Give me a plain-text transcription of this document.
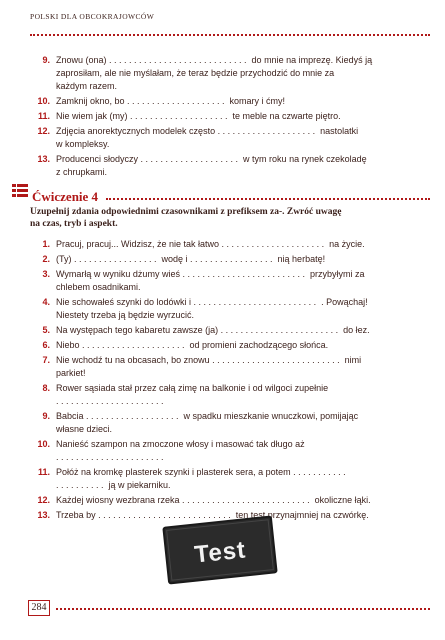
POLSKI DLA OBCOKRAJOWCÓW
9. Znowu (ona) . . . . . . . . . . . . . . . . . . . . . . . . . . . .  do mnie na imprezę. Kiedyś ją
zaprosiłam, ale nie myślałam, że teraz będzie przychodzić do mnie za
każdym razem.
10. Zamknij okno, bo . . . . . . . . . . . . . . . . . . . .  komary i ćmy!
11. Nie wiem jak (my) . . . . . . . . . . . . . . . . . . . .  te meble na czwarte piętro.
12. Zdjęcia anorektycznych modelek często . . . . . . . . . . . . . . . . . . . .  nastolatki
w kompleksy.
13. Producenci słodyczy . . . . . . . . . . . . . . . . . . . .  w tym roku na rynek czekoladę
z chrupkami.
Ćwiczenie 4
Uzupełnij zdania odpowiednimi czasownikami z prefiksem za-. Zwróć uwagę
na czas, tryb i aspekt.
1. Pracuj, pracuj... Widzisz, że nie tak łatwo . . . . . . . . . . . . . . . . . . . . .  na życie.
2. (Ty) . . . . . . . . . . . . . . . . .  wodę i . . . . . . . . . . . . . . . . .  nią herbatę!
3. Wymarłą w wyniku dżumy wieś . . . . . . . . . . . . . . . . . . . . . . . . .  przybyłymi za
chlebem osadnikami.
4. Nie schowałeś szynki do lodówki i . . . . . . . . . . . . . . . . . . . . . . . . .  . Powąchaj!
Niestety trzeba ją będzie wyrzucić.
5. Na występach tego kabaretu zawsze (ja) . . . . . . . . . . . . . . . . . . . . . . . .  do łez.
6. Niebo . . . . . . . . . . . . . . . . . . . . .  od promieni zachodzącego słońca.
7. Nie wchodź tu na obcasach, bo znowu . . . . . . . . . . . . . . . . . . . . . . . . . .  nimi
parkiet!
8. Rower sąsiada stał przez całą zimę na balkonie i od wilgoci zupełnie
. . . . . . . . . . . . . . . . . . . . . .
9. Babcia . . . . . . . . . . . . . . . . . . .  w spadku mieszkanie wnuczkowi, pomijając
własne dzieci.
10. Nanieść szampon na zmoczone włosy i masować tak długo aż
. . . . . . . . . . . . . . . . . . . . . .
11. Połóż na kromkę plasterek szynki i plasterek sera, a potem . . . . . . . . . . .
. . . . . . . . . .  ją w piekarniku.
12. Każdej wiosny wezbrana rzeka . . . . . . . . . . . . . . . . . . . . . . . . . .  okoliczne łąki.
13. Trzeba by . . . . . . . . . . . . . . . . . . . . . . . . . . .  ten test przynajmniej na czwórkę.
Test
284
